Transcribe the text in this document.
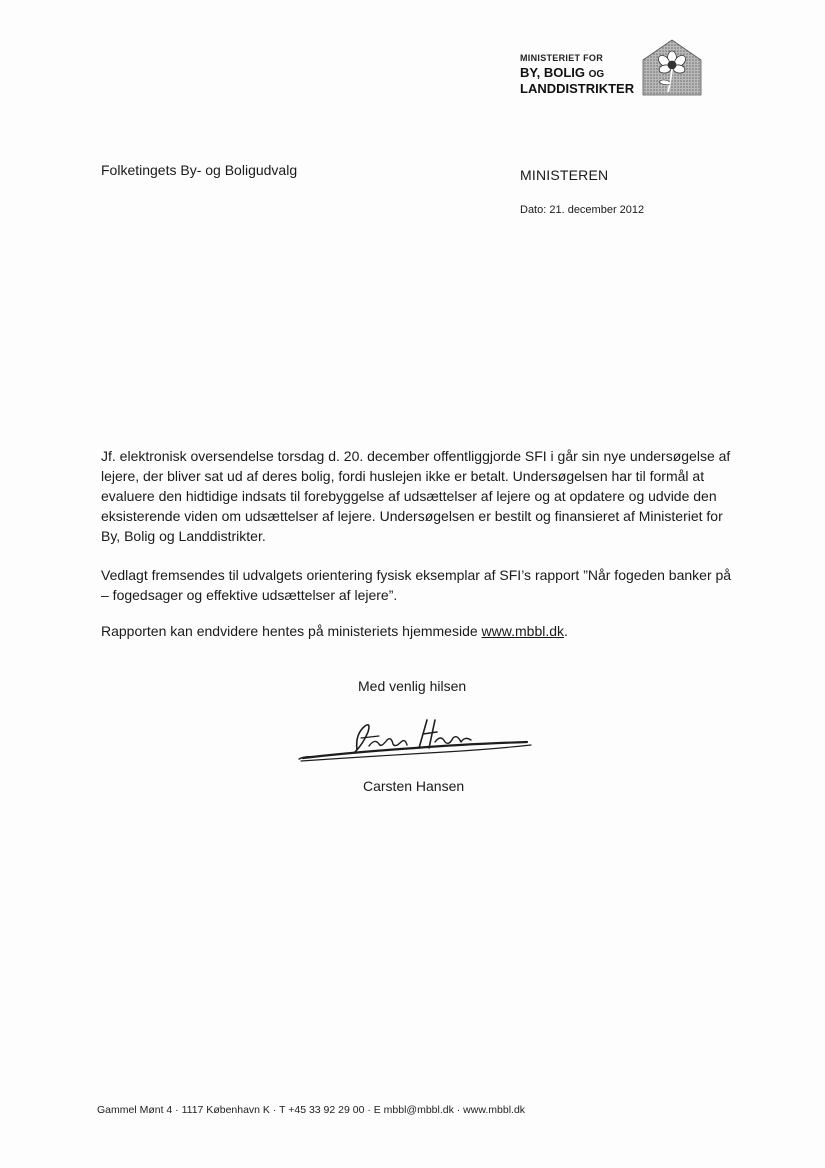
MINISTERIET FOR
BY, BOLIG OG
LANDDISTRIKTER
Folketingets By- og Boligudvalg	MINISTEREN
Dato: 21. december 2012
Jf. elektronisk oversendelse torsdag d. 20. december offentliggjorde SFI i går sin nye undersøgelse af lejere, der bliver sat ud af deres bolig, fordi huslejen ikke er betalt. Undersøgelsen har til formål at evaluere den hidtidige indsats til forebyggelse af udsættelser af lejere og at opdatere og udvide den eksisterende viden om udsættelser af lejere. Undersøgelsen er bestilt og finansieret af Ministeriet for By, Bolig og Landdistrikter.
Vedlagt fremsendes til udvalgets orientering fysisk eksemplar af SFI’s rapport ”Når fogeden banker på – fogedsager og effektive udsættelser af lejere”.
Rapporten kan endvidere hentes på ministeriets hjemmeside www.mbbl.dk.
Med venlig hilsen
Carsten Hansen
Gammel Mønt 4 · 1117 København K · T +45 33 92 29 00 · E mbbl@mbbl.dk · www.mbbl.dk
